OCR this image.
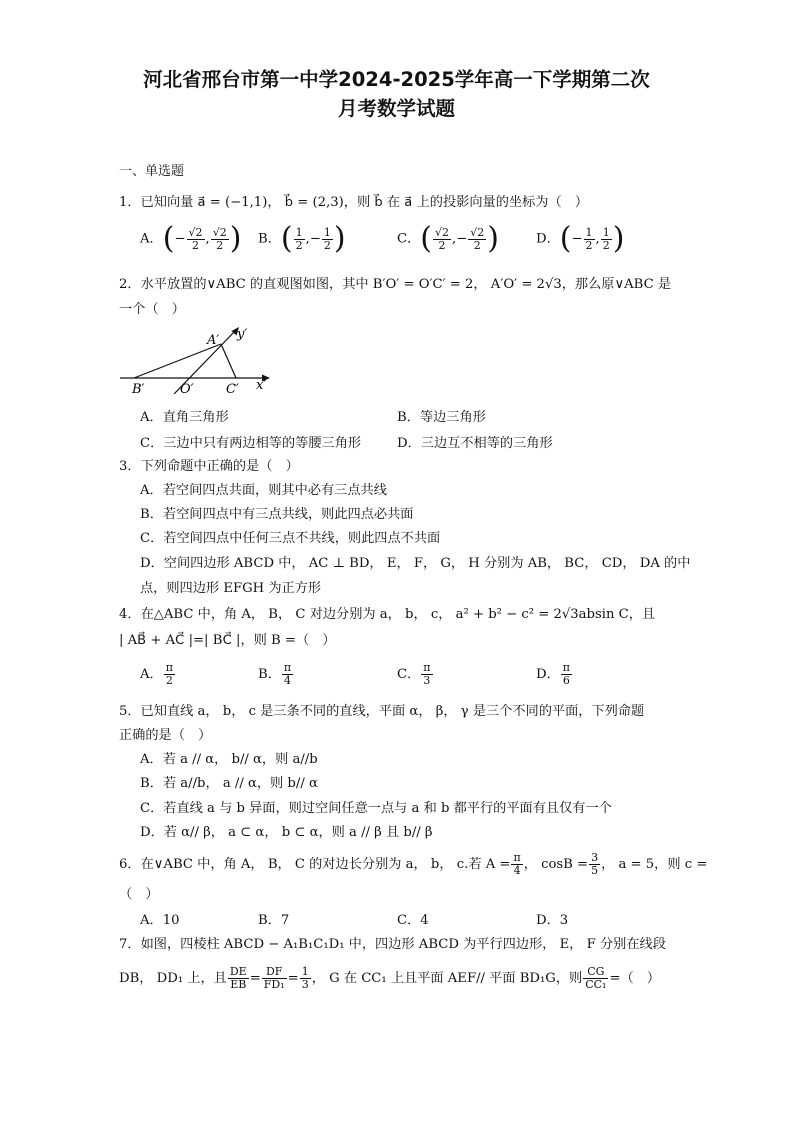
河北省邢台市第一中学2024-2025学年高一下学期第二次
月考数学试题
一、单选题
1．已知向量 a⃗ = (−1,1)， b⃗ = (2,3)，则 b⃗ 在 a⃗ 上的投影向量的坐标为（　）
A．(− $\frac{√2}{2}$ , $\frac{√2}{2}$ ) B．( $\frac{1}{2}$ ,− $\frac{1}{2}$ )	C．( $\frac{√2}{2}$ ,− $\frac{√2}{2}$ )	D．(− $\frac{1}{2}$ , $\frac{1}{2}$ )
2．水平放置的∨ABC 的直观图如图，其中 B′O′ = O′C′ = 2， A′O′ = 2√3，那么原∨ABC 是
一个（　）
A′ y′
B′	O′ C′ x′
A．直角三角形	B．等边三角形
C．三边中只有两边相等的等腰三角形	D．三边互不相等的三角形
3．下列命题中正确的是（　）
A．若空间四点共面，则其中必有三点共线
B．若空间四点中有三点共线，则此四点必共面
C．若空间四点中任何三点不共线，则此四点不共面
D．空间四边形 ABCD 中， AC ⊥ BD， E， F， G， H 分别为 AB， BC， CD， DA 的中
点，则四边形 EFGH 为正方形
4．在△ABC 中，角 A， B， C 对边分别为 a， b， c， a² + b² − c² = 2√3absin C，且
| AB⃗ + AC⃗ |=| BC⃗ |，则 B =（　）
A． $\frac{\pi}{2}$	B． $\frac{\pi}{4}$	C． $\frac{\pi}{3}$	D． $\frac{\pi}{6}$
5．已知直线 a， b， c 是三条不同的直线，平面 α， β， γ 是三个不同的平面，下列命题
正确的是（　）
A．若 a // α， b// α，则 a//b
B．若 a//b， a // α，则 b// α
C．若直线 a 与 b 异面，则过空间任意一点与 a 和 b 都平行的平面有且仅有一个
D．若 α// β， a ⊂ α， b ⊂ α，则 a // β 且 b// β
6．在∨ABC 中，角 A， B， C 的对边长分别为 a， b， c.若 $A = \frac{\pi}{4}$ ， $\cos B = \frac{3}{5}$ ， a = 5，则 c =
（　）
A．10	B．7	C．4	D．3
7．如图，四棱柱 ABCD − A₁B₁C₁D₁ 中，四边形 ABCD 为平行四边形， E， F 分别在线段
DB， DD₁ 上，且 $\frac{DE}{EB} = \frac{DF}{\text{FD₁}} = \frac{1}{3}$ ， G 在 CC₁ 上且平面 AEF// 平面 BD₁G，则 $\frac{CG}{\text{CC₁}}$ =（　）
